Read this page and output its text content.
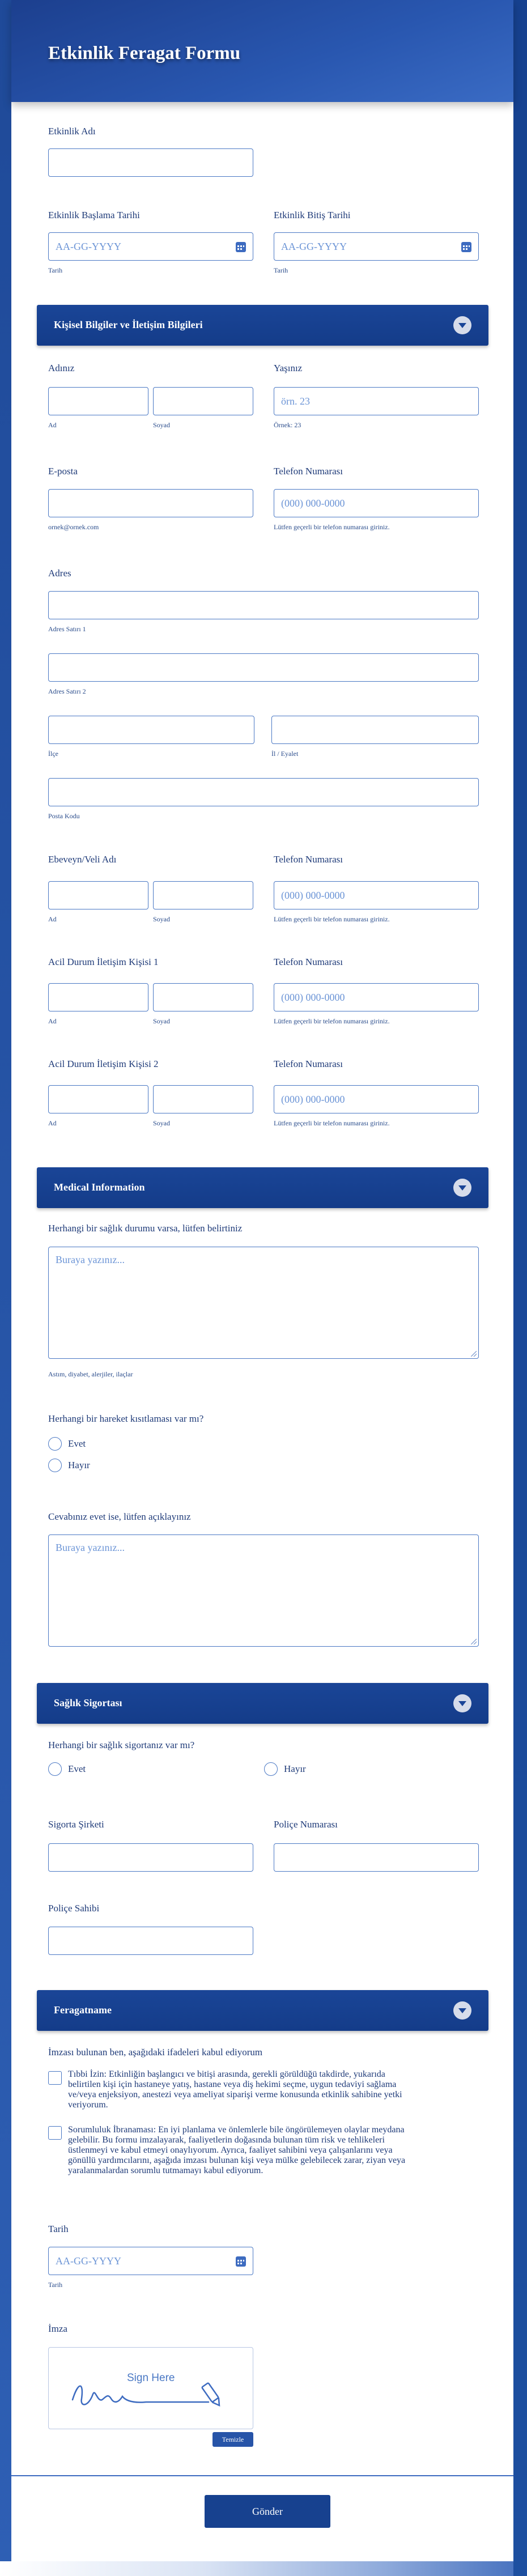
Etkinlik Feragat Formu
Etkinlik Adı
Etkinlik Başlama Tarihi
AA-GG-YYYY
Tarih
Etkinlik Bitiş Tarihi
AA-GG-YYYY
Tarih
Kişisel Bilgiler ve İletişim Bilgileri
Adınız
Ad	Soyad
Yaşınız
örn. 23
Örnek: 23
E-posta
ornek@ornek.com
Telefon Numarası
(000) 000-0000
Lütfen geçerli bir telefon numarası giriniz.
Adres
Adres Satırı 1
Adres Satırı 2
İlçe	İl / Eyalet
Posta Kodu
Ebeveyn/Veli Adı
Ad	Soyad
Telefon Numarası
(000) 000-0000
Lütfen geçerli bir telefon numarası giriniz.
Acil Durum İletişim Kişisi 1
Ad	Soyad
Telefon Numarası
(000) 000-0000
Lütfen geçerli bir telefon numarası giriniz.
Acil Durum İletişim Kişisi 2
Ad	Soyad
Telefon Numarası
(000) 000-0000
Lütfen geçerli bir telefon numarası giriniz.
Medical Information
Herhangi bir sağlık durumu varsa, lütfen belirtiniz
Buraya yazınız...
Astım, diyabet, alerjiler, ilaçlar
Herhangi bir hareket kısıtlaması var mı?
Evet
Hayır
Cevabınız evet ise, lütfen açıklayınız
Buraya yazınız...
Sağlık Sigortası
Herhangi bir sağlık sigortanız var mı?
Evet	Hayır
Sigorta Şirketi	Poliçe Numarası
Poliçe Sahibi
Feragatname
İmzası bulunan ben, aşağıdaki ifadeleri kabul ediyorum
Tıbbi İzin: Etkinliğin başlangıcı ve bitişi arasında, gerekli görüldüğü takdirde, yukarıda
belirtilen kişi için hastaneye yatış, hastane veya diş hekimi seçme, uygun tedaviyi sağlama
ve/veya enjeksiyon, anestezi veya ameliyat siparişi verme konusunda etkinlik sahibine yetki
veriyorum.
Sorumluluk İbranaması: En iyi planlama ve önlemlerle bile öngörülemeyen olaylar meydana
gelebilir. Bu formu imzalayarak, faaliyetlerin doğasında bulunan tüm risk ve tehlikeleri
üstlenmeyi ve kabul etmeyi onaylıyorum. Ayrıca, faaliyet sahibini veya çalışanlarını veya
gönüllü yardımcılarını, aşağıda imzası bulunan kişi veya mülke gelebilecek zarar, ziyan veya
yaralanmalardan sorumlu tutmamayı kabul ediyorum.
Tarih
AA-GG-YYYY
Tarih
İmza
Sign Here
Temizle
Gönder
